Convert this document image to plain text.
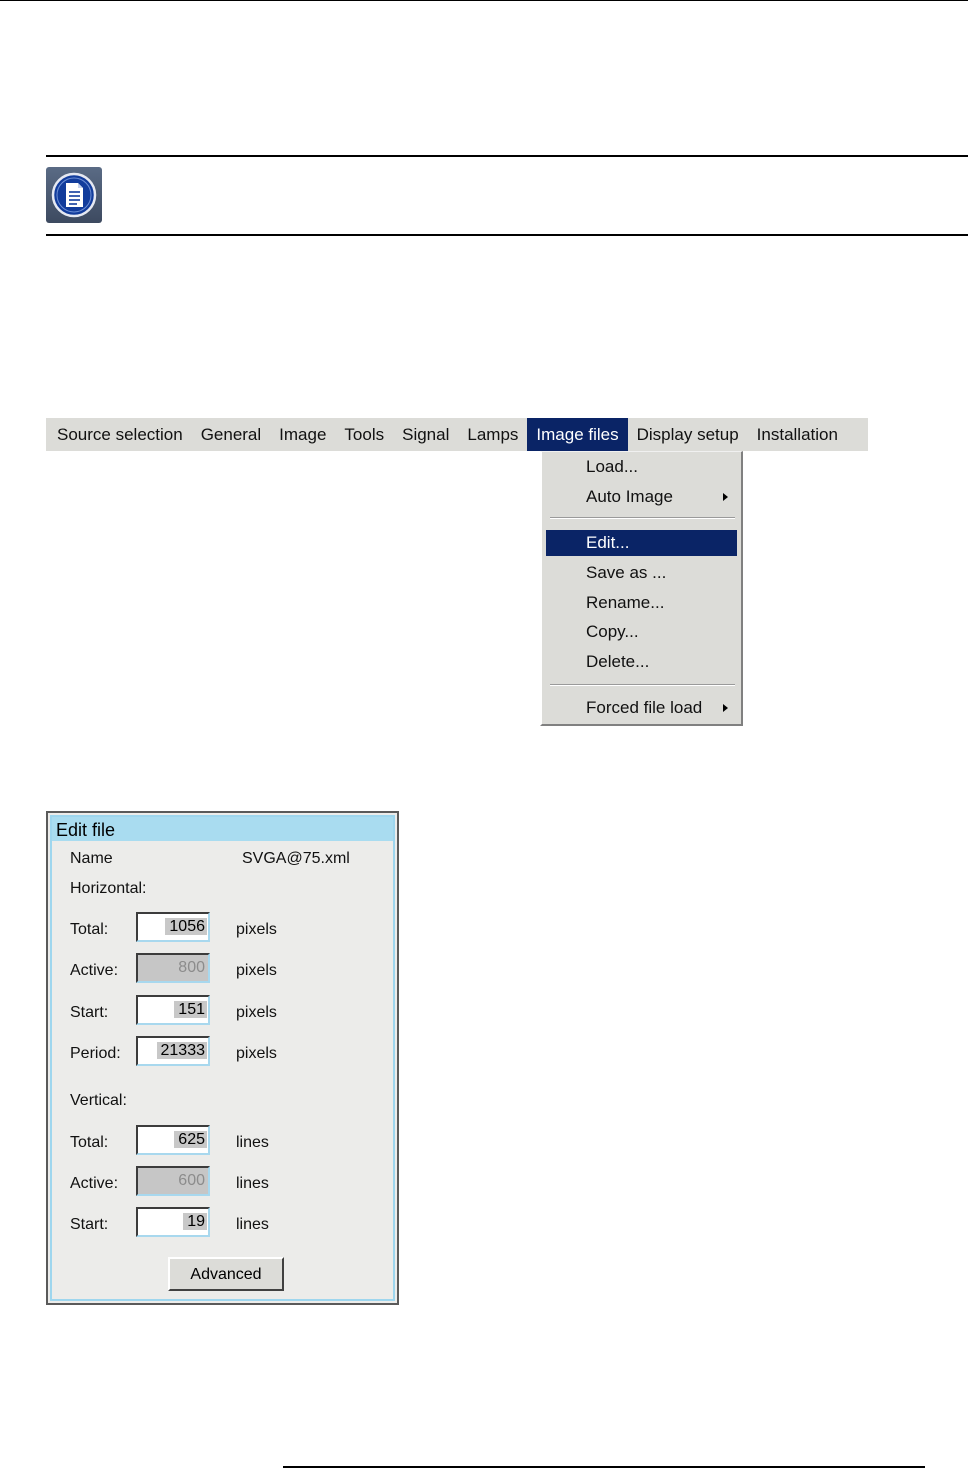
Source selection	General	Image	Tools	Signal	Lamps	Image files	Display setup	Installation
Load...
Auto Image
Edit...
Save as ...
Rename...
Copy...
Delete...
Forced file load
Edit file
Name	SVGA@75.xml
Horizontal:
Total:	1056	pixels
Active:	800	pixels
Start:	151	pixels
Period:	21333	pixels
Vertical:
Total:	625	lines
Active:	600	lines
Start:	19	lines
Advanced
